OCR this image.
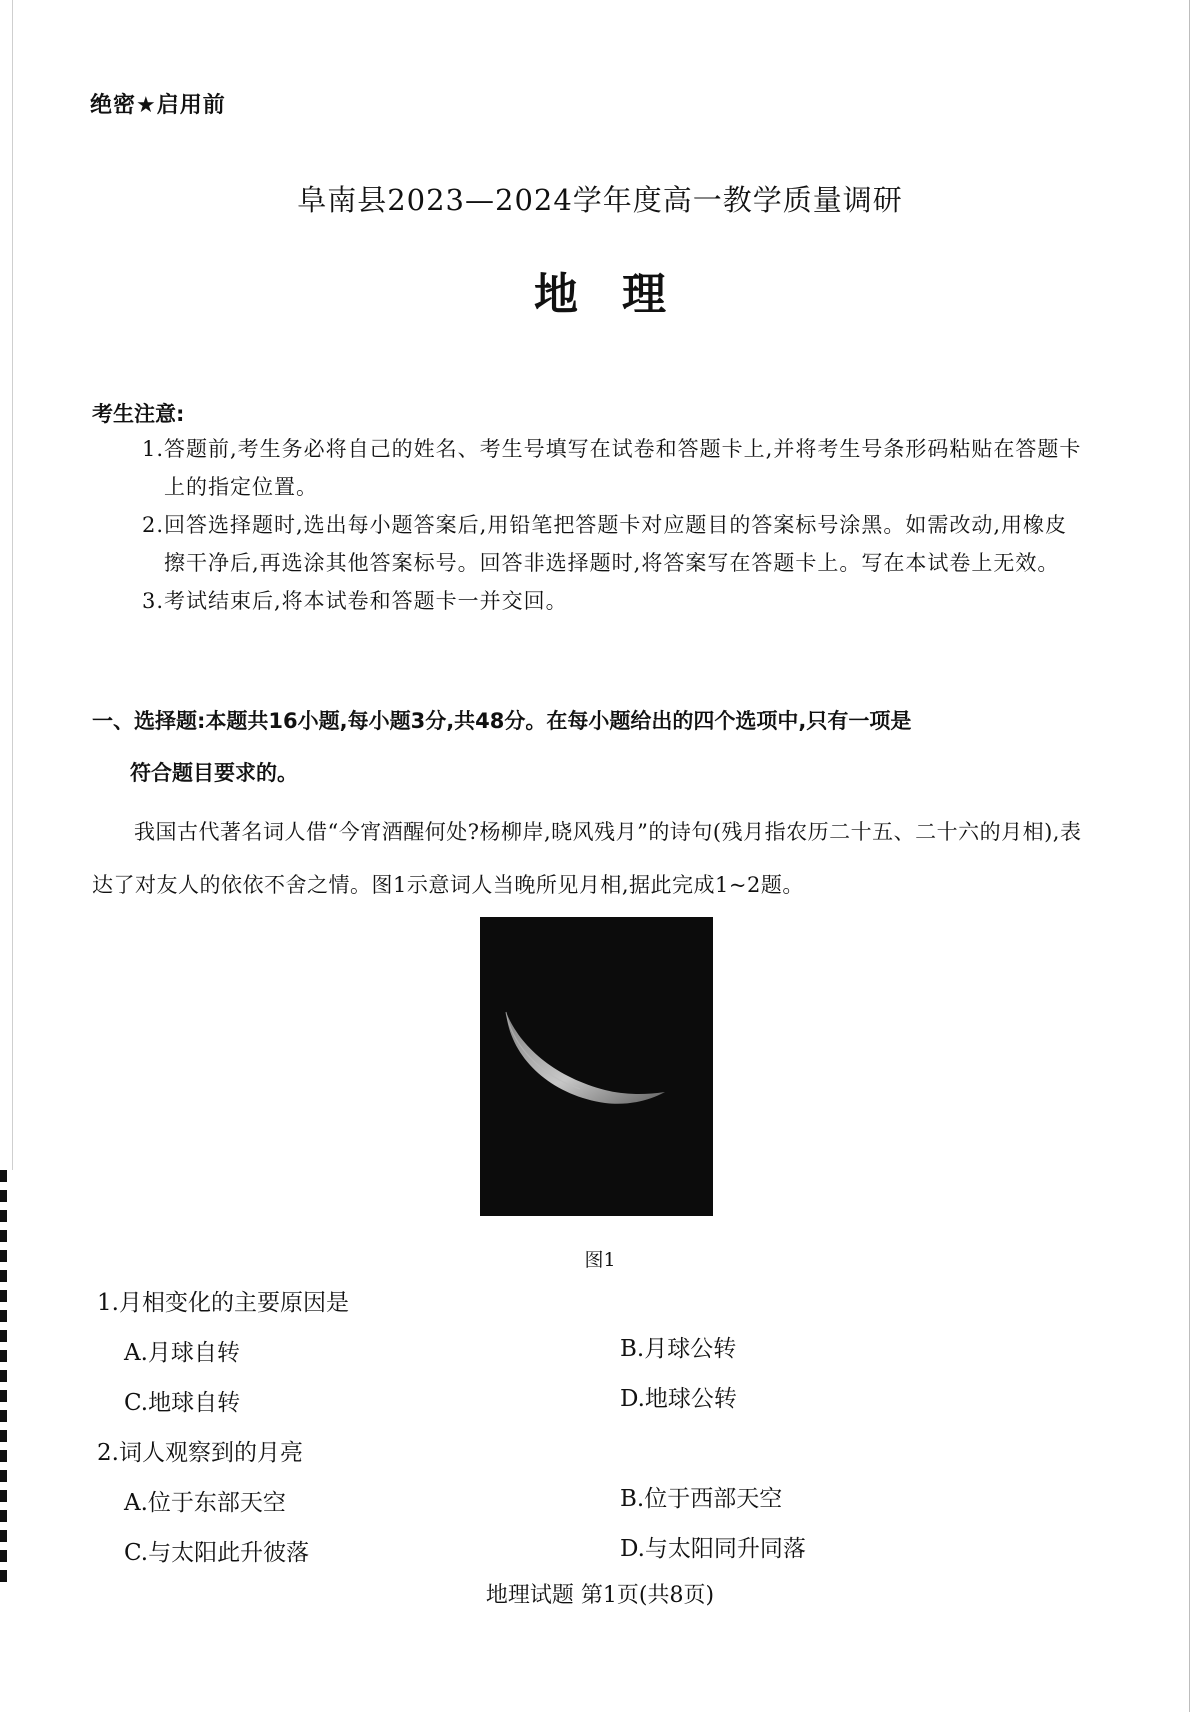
绝密★启用前
阜南县2023—2024学年度高一教学质量调研
地理
考生注意:
1. 答题前,考生务必将自己的姓名、考生号填写在试卷和答题卡上,并将考生号条形码粘贴在答题卡上的指定位置。
2. 回答选择题时,选出每小题答案后,用铅笔把答题卡对应题目的答案标号涂黑。如需改动,用橡皮擦干净后,再选涂其他答案标号。回答非选择题时,将答案写在答题卡上。写在本试卷上无效。
3. 考试结束后,将本试卷和答题卡一并交回。
一、选择题:本题共16小题,每小题3分,共48分。在每小题给出的四个选项中,只有一项是
符合题目要求的。
我国古代著名词人借“今宵酒醒何处?杨柳岸,晓风残月”的诗句(残月指农历二十五、二十六的月相),表达了对友人的依依不舍之情。图1示意词人当晚所见月相,据此完成1~2题。
图1
1.月相变化的主要原因是
A.月球自转	B.月球公转
C.地球自转	D.地球公转
2.词人观察到的月亮
A.位于东部天空	B.位于西部天空
C.与太阳此升彼落	D.与太阳同升同落
地理试题 第1页(共8页)
